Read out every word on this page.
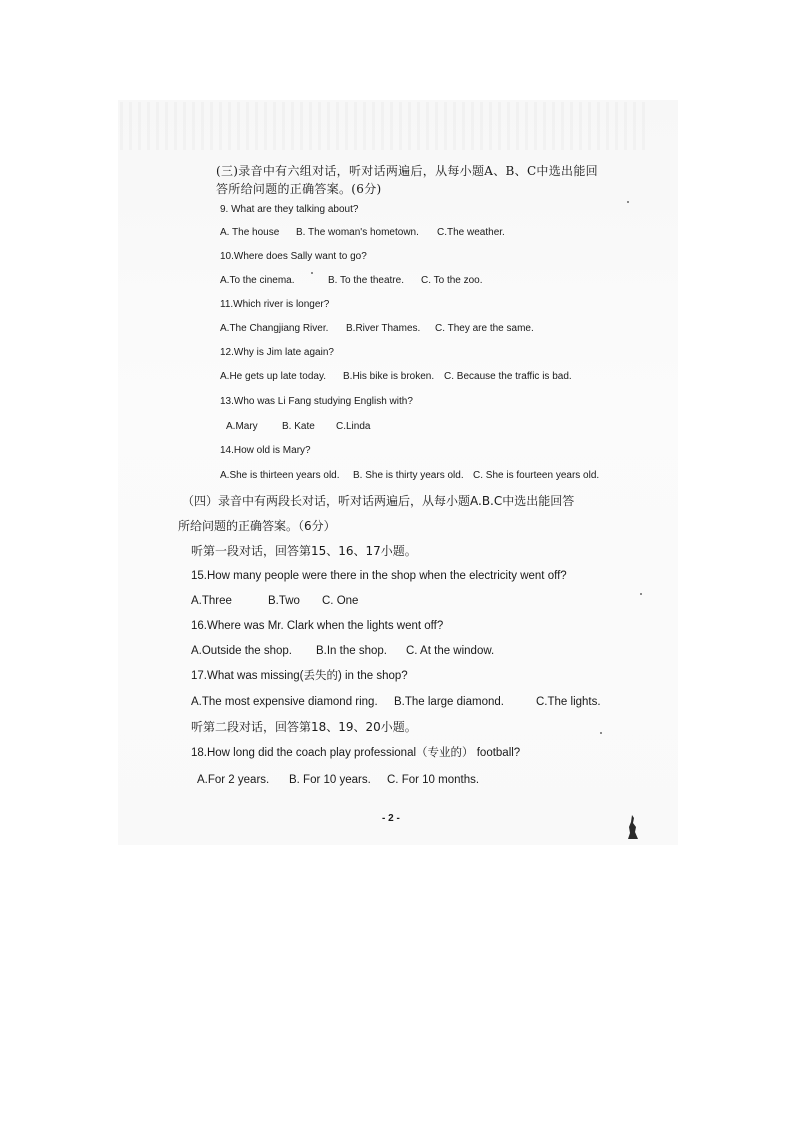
(三)录音中有六组对话，听对话两遍后，从每小题A、B、C中选出能回
答所给问题的正确答案。(6分)
9. What are they talking about?
A. The house B. The woman's hometown. C.The weather.
10.Where does Sally want to go?
A.To the cinema.	B. To the theatre. C. To the zoo.
11.Which river is longer?
A.The Changjiang River. B.River Thames. C. They are the same.
12.Why is Jim late again?
A.He gets up late today. B.His bike is broken. C. Because the traffic is bad.
13.Who was Li Fang studying English with?
A.Mary B. Kate C.Linda
14.How old is Mary?
A.She is thirteen years old. B. She is thirty years old. C. She is fourteen years old.
（四）录音中有两段长对话，听对话两遍后，从每小题A.B.C中选出能回答
所给问题的正确答案。（6分）
听第一段对话，回答第15、16、17小题。
15.How many people were there in the shop when the electricity went off?
A.Three	B.Two C. One
16.Where was Mr. Clark when the lights went off?
A.Outside the shop. B.In the shop. C. At the window.
17.What was missing(丢失的) in the shop?
A.The most expensive diamond ring. B.The large diamond.	C.The lights.
听第二段对话，回答第18、19、20小题。
18.How long did the coach play professional（专业的） football?
A.For 2 years. B. For 10 years. C. For 10 months.
- 2 -
